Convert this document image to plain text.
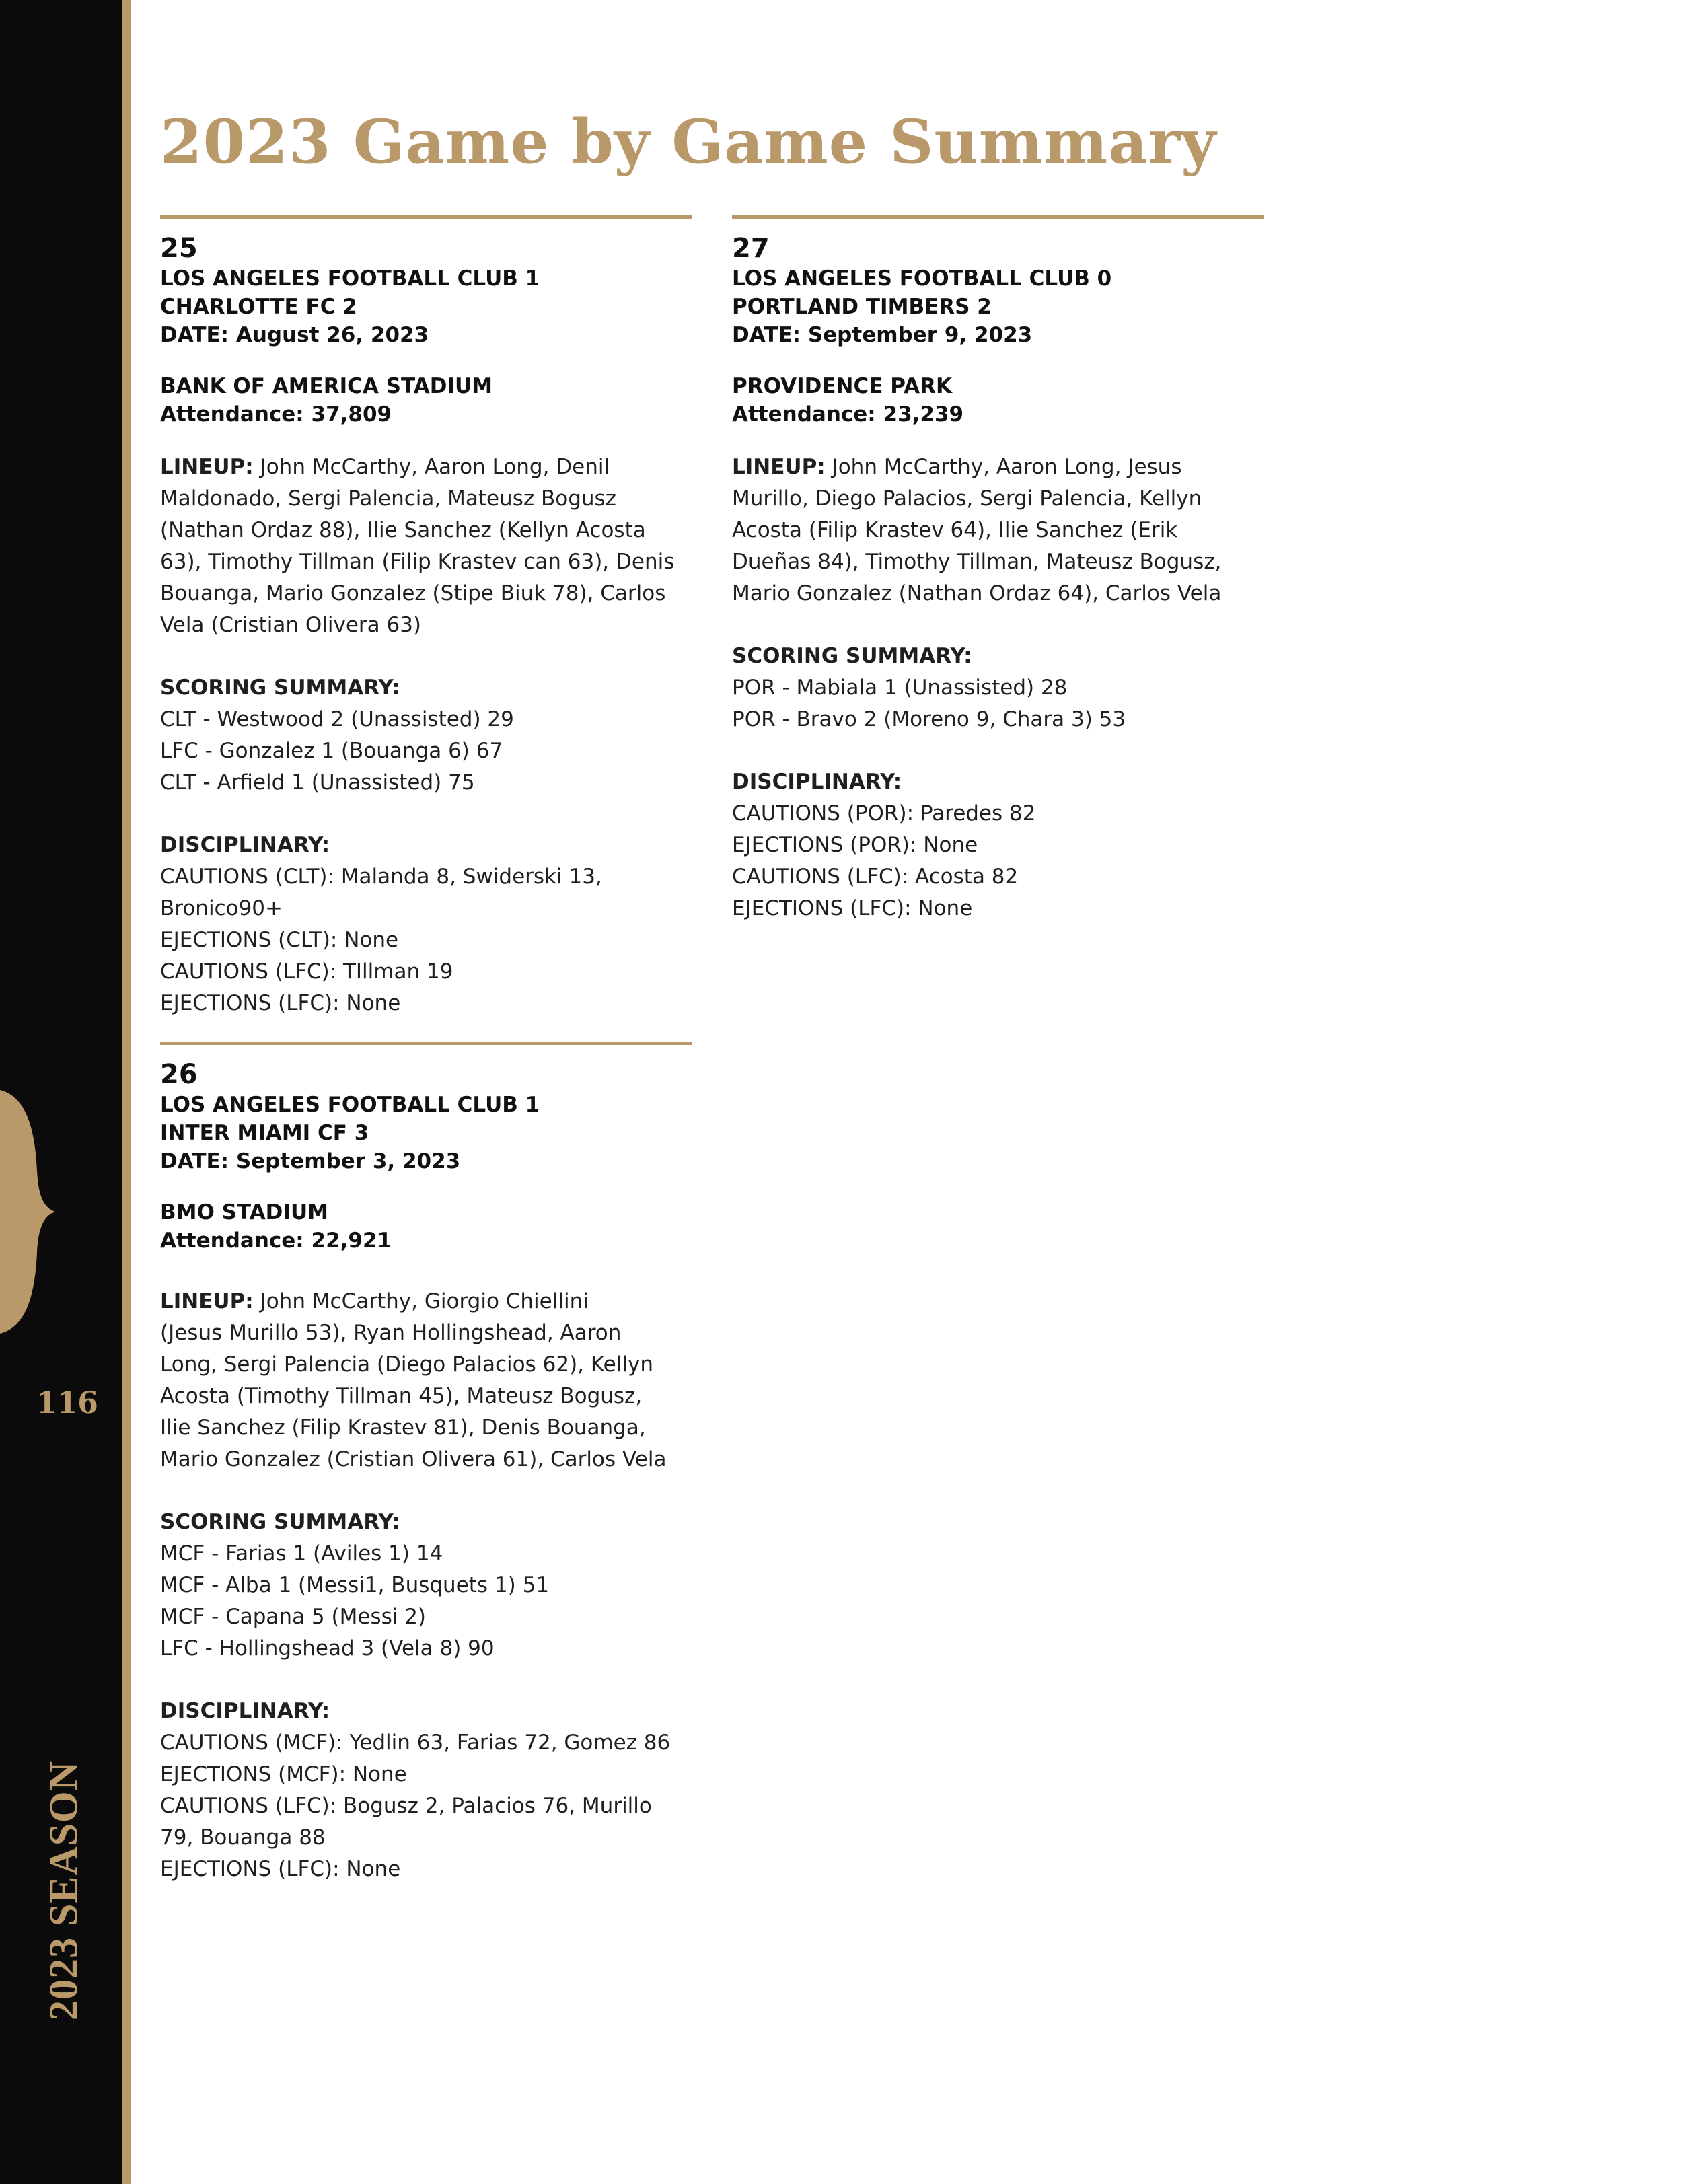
116
2023 SEASON
2023 Game by Game Summary
25
LOS ANGELES FOOTBALL CLUB 1
CHARLOTTE FC 2
DATE: August 26, 2023
BANK OF AMERICA STADIUM
Attendance: 37,809
LINEUP: John McCarthy, Aaron Long, Denil
Maldonado, Sergi Palencia, Mateusz Bogusz
(Nathan Ordaz 88), Ilie Sanchez (Kellyn Acosta
63), Timothy Tillman (Filip Krastev can 63), Denis
Bouanga, Mario Gonzalez (Stipe Biuk 78), Carlos
Vela (Cristian Olivera 63)
SCORING SUMMARY:
CLT - Westwood 2 (Unassisted) 29
LFC - Gonzalez 1 (Bouanga 6) 67
CLT - Arfield 1 (Unassisted) 75
DISCIPLINARY:
CAUTIONS (CLT): Malanda 8, Swiderski 13,
Bronico90+
EJECTIONS (CLT): None
CAUTIONS (LFC): TIllman 19
EJECTIONS (LFC): None
26
LOS ANGELES FOOTBALL CLUB 1
INTER MIAMI CF 3
DATE: September 3, 2023
BMO STADIUM
Attendance: 22,921
LINEUP: John McCarthy, Giorgio Chiellini
(Jesus Murillo 53), Ryan Hollingshead, Aaron
Long, Sergi Palencia (Diego Palacios 62), Kellyn
Acosta (Timothy Tillman 45), Mateusz Bogusz,
Ilie Sanchez (Filip Krastev 81), Denis Bouanga,
Mario Gonzalez (Cristian Olivera 61), Carlos Vela
SCORING SUMMARY:
MCF - Farias 1 (Aviles 1) 14
MCF - Alba 1 (Messi1, Busquets 1) 51
MCF - Capana 5 (Messi 2)
LFC - Hollingshead 3 (Vela 8) 90
DISCIPLINARY:
CAUTIONS (MCF): Yedlin 63, Farias 72, Gomez 86
EJECTIONS (MCF): None
CAUTIONS (LFC): Bogusz 2, Palacios 76, Murillo
79, Bouanga 88
EJECTIONS (LFC): None
27
LOS ANGELES FOOTBALL CLUB 0
PORTLAND TIMBERS 2
DATE: September 9, 2023
PROVIDENCE PARK
Attendance: 23,239
LINEUP: John McCarthy, Aaron Long, Jesus
Murillo, Diego Palacios, Sergi Palencia, Kellyn
Acosta (Filip Krastev 64), Ilie Sanchez (Erik
Dueñas 84), Timothy Tillman, Mateusz Bogusz,
Mario Gonzalez (Nathan Ordaz 64), Carlos Vela
SCORING SUMMARY:
POR - Mabiala 1 (Unassisted) 28
POR - Bravo 2 (Moreno 9, Chara 3) 53
DISCIPLINARY:
CAUTIONS (POR): Paredes 82
EJECTIONS (POR): None
CAUTIONS (LFC): Acosta 82
EJECTIONS (LFC): None
